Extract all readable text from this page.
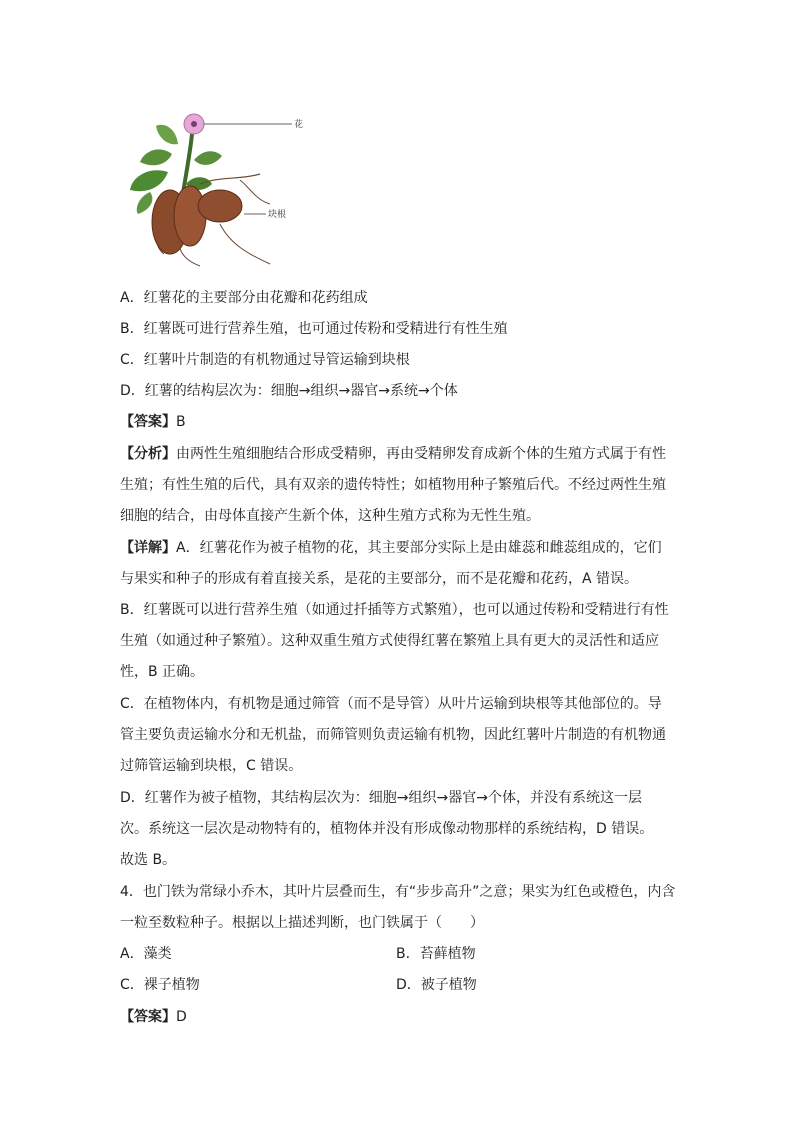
花
块根
A．红薯花的主要部分由花瓣和花药组成
B．红薯既可进行营养生殖，也可通过传粉和受精进行有性生殖
C．红薯叶片制造的有机物通过导管运输到块根
D．红薯的结构层次为：细胞→组织→器官→系统→个体
【答案】B
【分析】由两性生殖细胞结合形成受精卵，再由受精卵发育成新个体的生殖方式属于有性
生殖；有性生殖的后代，具有双亲的遗传特性；如植物用种子繁殖后代。不经过两性生殖
细胞的结合，由母体直接产生新个体，这种生殖方式称为无性生殖。
【详解】A．红薯花作为被子植物的花，其主要部分实际上是由雄蕊和雌蕊组成的，它们
与果实和种子的形成有着直接关系，是花的主要部分，而不是花瓣和花药，A 错误。
B．红薯既可以进行营养生殖（如通过扦插等方式繁殖），也可以通过传粉和受精进行有性
生殖（如通过种子繁殖）。这种双重生殖方式使得红薯在繁殖上具有更大的灵活性和适应
性，B 正确。
C．在植物体内，有机物是通过筛管（而不是导管）从叶片运输到块根等其他部位的。导
管主要负责运输水分和无机盐，而筛管则负责运输有机物，因此红薯叶片制造的有机物通
过筛管运输到块根，C 错误。
D．红薯作为被子植物，其结构层次为：细胞→组织→器官→个体，并没有系统这一层
次。系统这一层次是动物特有的，植物体并没有形成像动物那样的系统结构，D 错误。
故选 B。
4．也门铁为常绿小乔木，其叶片层叠而生，有“步步高升”之意；果实为红色或橙色，内含
一粒至数粒种子。根据以上描述判断，也门铁属于（　　）
A．藻类	B．苔藓植物
C．裸子植物	D．被子植物
【答案】D
